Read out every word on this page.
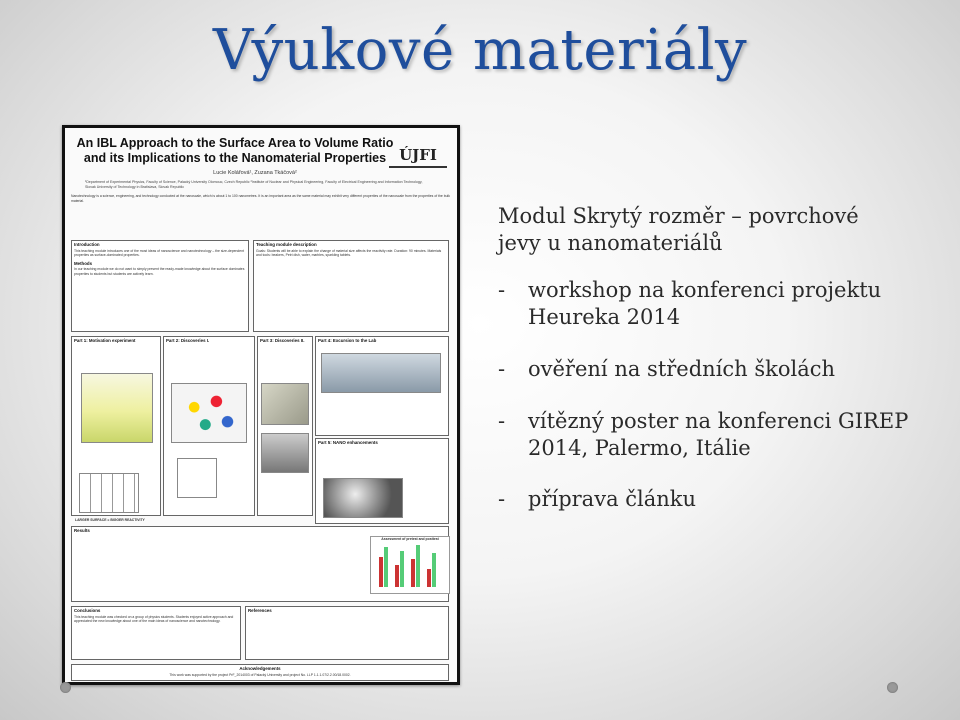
Výukové materiály
An IBL Approach to the Surface Area to Volume Ratio and its Implications to the Nanomaterial Properties ÚJFI
Lucie Kolářová¹, Zuzana Tkáčová²
¹Department of Experimental Physics, Faculty of Science, Palacký University Olomouc, Czech Republic ²Institute of Nuclear and Physical Engineering, Faculty of Electrical Engineering and Information Technology, Slovak University of Technology in Bratislava, Slovak Republic
Nanotechnology is a science, engineering, and technology conducted at the nanoscale, which is about 1 to 100 nanometres. It is an important area as the same material may exhibit very different properties of the nanoscale from the properties of the bulk material.
Introduction
This teaching module introduces one of the most ideas of nanoscience and nanotechnology – the size-dependent properties as surface-dominated properties.
Methods
In our teaching module we do not want to simply present the ready-made knowledge about the surface dominates properties to students but students are actively learn.
Teaching module description
Goals: Students will be able to explain the change of material size affects the reactivity rate. Duration: 90 minutes. Materials and tools: beakers, Petri dish, water, marbles, sparkling tablets.
Part 1: Motivation experiment
LARGER SURFACE = BIGGER REACTIVITY
Part 2: Discoveries I.	Part 3: Discoveries II.	Part 4: Excursion to the Lab
Part 5: NANO enhancements
Results
Assessment of pretest and posttest
Conclusions
This teaching module was checked on a group of physics students. Students enjoyed active approach and appreciated the new knowledge about one of the main ideas of nanoscience and nanotechnology.
References
Acknowledgements
This work was supported by the project PrF_2014003 of Palacký University and project No. LLP 1.1.1.07/2.2.00/18.0002.
Modul Skrytý rozměr – povrchové
jevy u nanomateriálů
-	workshop na konferenci projektu Heureka 2014
-	ověření na středních školách
-	vítězný poster na konferenci GIREP 2014, Palermo, Itálie
-	příprava článku
